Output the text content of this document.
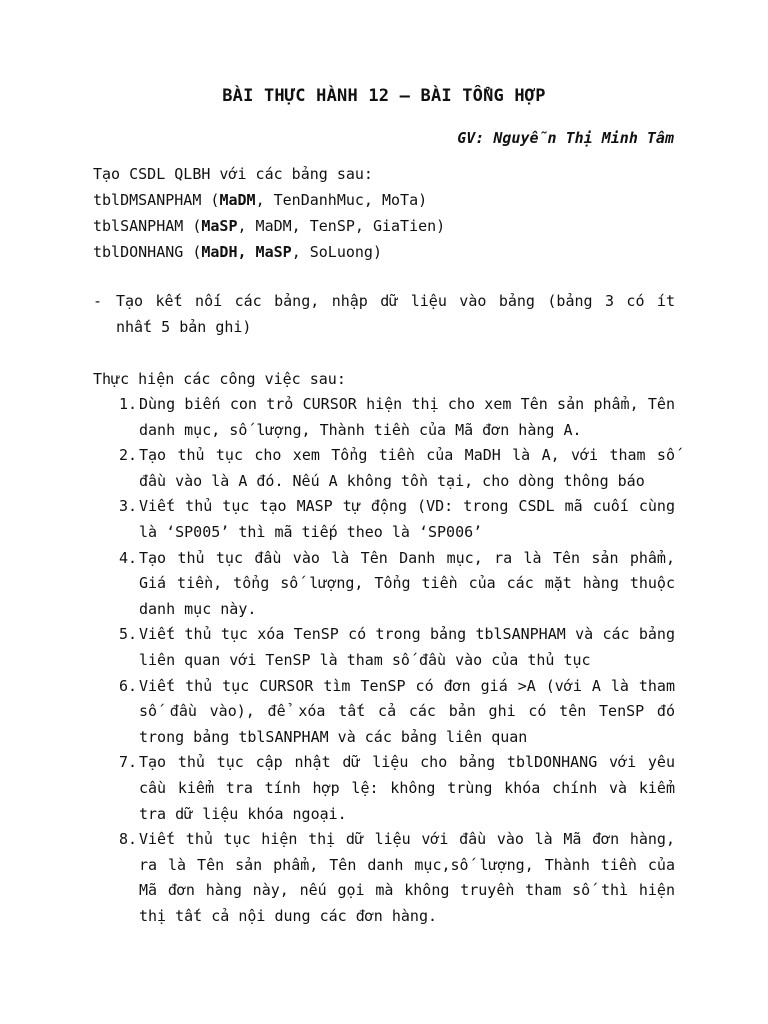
BÀI THỰC HÀNH 12 – BÀI TỔNG HỢP
GV: Nguyễn Thị Minh Tâm
Tạo CSDL QLBH với các bảng sau:
tblDMSANPHAM (MaDM, TenDanhMuc, MoTa)
tblSANPHAM (MaSP, MaDM, TenSP, GiaTien)
tblDONHANG (MaDH, MaSP, SoLuong)
- Tạo kết nối các bảng, nhập dữ liệu vào bảng (bảng 3 có ít nhất 5 bản ghi)
Thực hiện các công việc sau:
1. Dùng biến con trỏ CURSOR hiện thị cho xem Tên sản phẩm, Tên danh mục, số lượng, Thành tiền của Mã đơn hàng A.
2. Tạo thủ tục cho xem Tổng tiền của MaDH là A, với tham số đầu vào là A đó. Nếu A không tồn tại, cho dòng thông báo
3. Viết thủ tục tạo MASP tự động (VD: trong CSDL mã cuối cùng là ‘SP005’ thì mã tiếp theo là ‘SP006’
4. Tạo thủ tục đầu vào là Tên Danh mục, ra là Tên sản phẩm, Giá tiền, tổng số lượng, Tổng tiền của các mặt hàng thuộc danh mục này.
5. Viết thủ tục xóa TenSP có trong bảng tblSANPHAM và các bảng liên quan với TenSP là tham số đầu vào của thủ tục
6. Viết thủ tục CURSOR tìm TenSP có đơn giá >A (với A là tham số đầu vào), để xóa tất cả các bản ghi có tên TenSP đó trong bảng tblSANPHAM và các bảng liên quan
7. Tạo thủ tục cập nhật dữ liệu cho bảng tblDONHANG với yêu cầu kiểm tra tính hợp lệ: không trùng khóa chính và kiểm tra dữ liệu khóa ngoại.
8. Viết thủ tục hiện thị dữ liệu với đầu vào là Mã đơn hàng, ra là Tên sản phẩm, Tên danh mục,số lượng, Thành tiền của Mã đơn hàng này, nếu gọi mà không truyền tham số thì hiện thị tất cả nội dung các đơn hàng.
